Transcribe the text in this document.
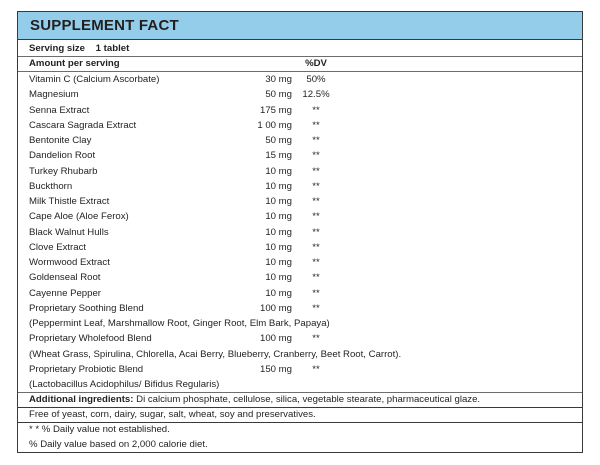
SUPPLEMENT FACT
Serving size 1 tablet
Amount per serving	%DV
Vitamin C (Calcium Ascorbate)	30 mg	50%
Magnesium	50 mg	12.5%
Senna Extract	175 mg	**
Cascara Sagrada Extract	1 00 mg	**
Bentonite Clay	50 mg	**
Dandelion Root	15 mg	**
Turkey Rhubarb	10 mg	**
Buckthorn	10 mg	**
Milk Thistle Extract	10 mg	**
Cape Aloe (Aloe Ferox)	10 mg	**
Black Walnut Hulls	10 mg	**
Clove Extract	10 mg	**
Wormwood Extract	10 mg	**
Goldenseal Root	10 mg	**
Cayenne Pepper	10 mg	**
Proprietary Soothing Blend	100 mg	**
(Peppermint Leaf, Marshmallow Root, Ginger Root, Elm Bark, Papaya)
Proprietary Wholefood Blend	100 mg	**
(Wheat Grass, Spirulina, Chlorella, Acai Berry, Blueberry, Cranberry, Beet Root, Carrot).
Proprietary Probiotic Blend	150 mg	**
(Lactobacillus Acidophilus/ Bifidus Regularis)
Additional ingredients: Di calcium phosphate, cellulose, silica, vegetable stearate, pharmaceutical glaze.
Free of yeast, corn, dairy, sugar, salt, wheat, soy and preservatives.
* * % Daily value not established.
% Daily value based on 2,000 calorie diet.
